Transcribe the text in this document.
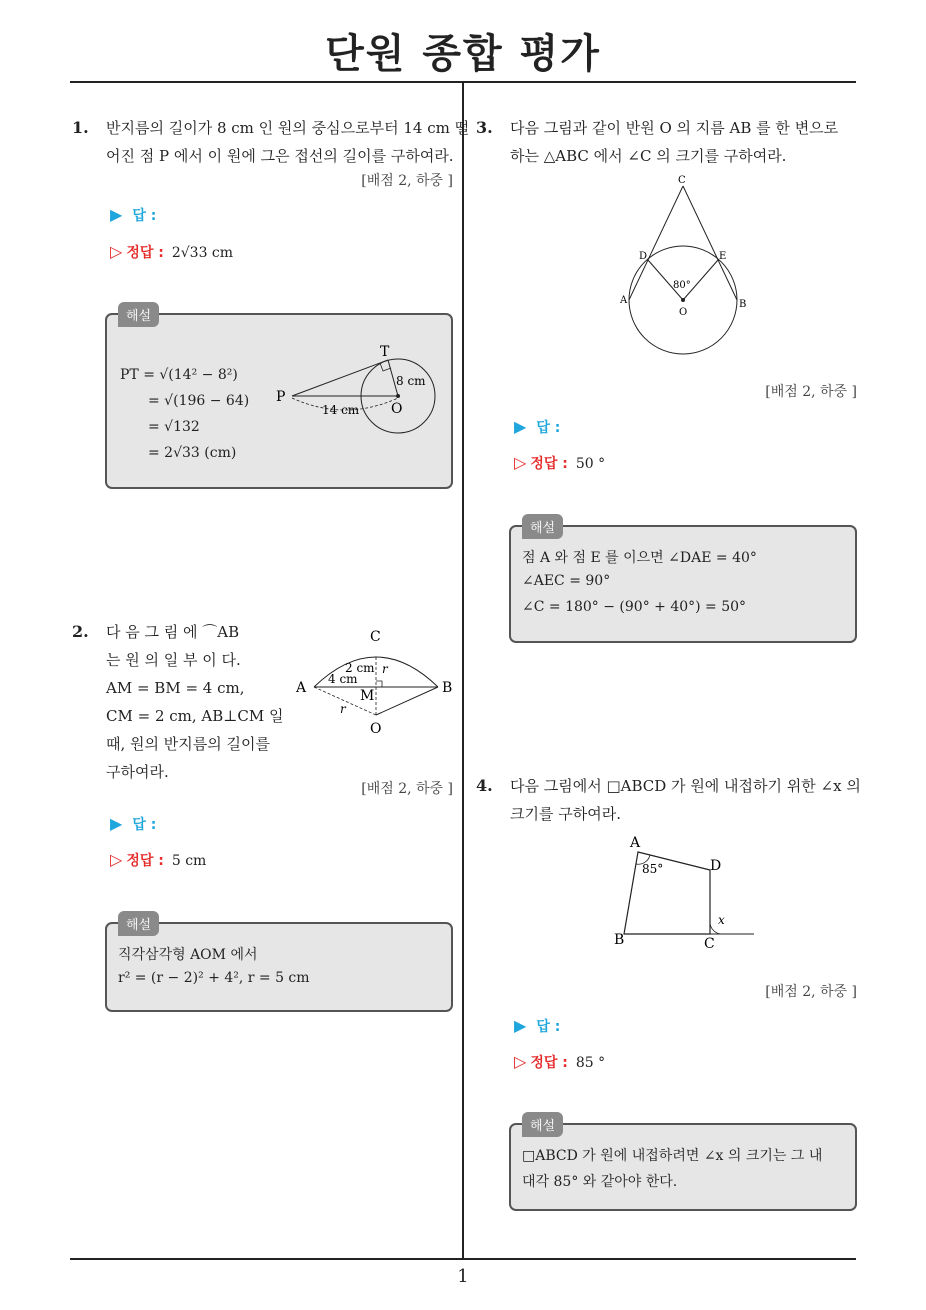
단원 종합 평가
1
1. 반지름의 길이가 8 cm 인 원의 중심으로부터 14 cm 떨

어진 점 P 에서 이 원에 그은 접선의 길이를 구하여라.

[배점 2, 하중 ]
▶ 답 :
▷ 정답 : 2√33 cm
해설
PT = √(14² − 8²)
= √(196 − 64)
= √132
= 2√33 (cm)
T
P
O
8 cm
14 cm
2. 다 음 그 림 에 ⌒AB

는 원 의 일 부 이 다.

AM = BM = 4 cm,

CM = 2 cm, AB⊥CM 일

때, 원의 반지름의 길이를

구하여라.

C
A	B
M
O
r
r
2 cm
4 cm
[배점 2, 하중 ]
▶ 답 :
▷ 정답 : 5 cm
해설
직각삼각형 AOM 에서
r² = (r − 2)² + 4², r = 5 cm
3. 다음 그림과 같이 반원 O 의 지름 AB 를 한 변으로

하는 △ABC 에서 ∠C 의 크기를 구하여라.

C
D	E
A	B
O
80°
[배점 2, 하중 ]
▶ 답 :
▷ 정답 : 50 °
해설
점 A 와 점 E 를 이으면 ∠DAE = 40°
∠AEC = 90°
∠C = 180° − (90° + 40°) = 50°
4. 다음 그림에서 □ABCD 가 원에 내접하기 위한 ∠x 의

크기를 구하여라.

A
D
B	C
x
85°
[배점 2, 하중 ]
▶ 답 :
▷ 정답 : 85 °
해설
□ABCD 가 원에 내접하려면 ∠x 의 크기는 그 내
대각 85° 와 같아야 한다.
